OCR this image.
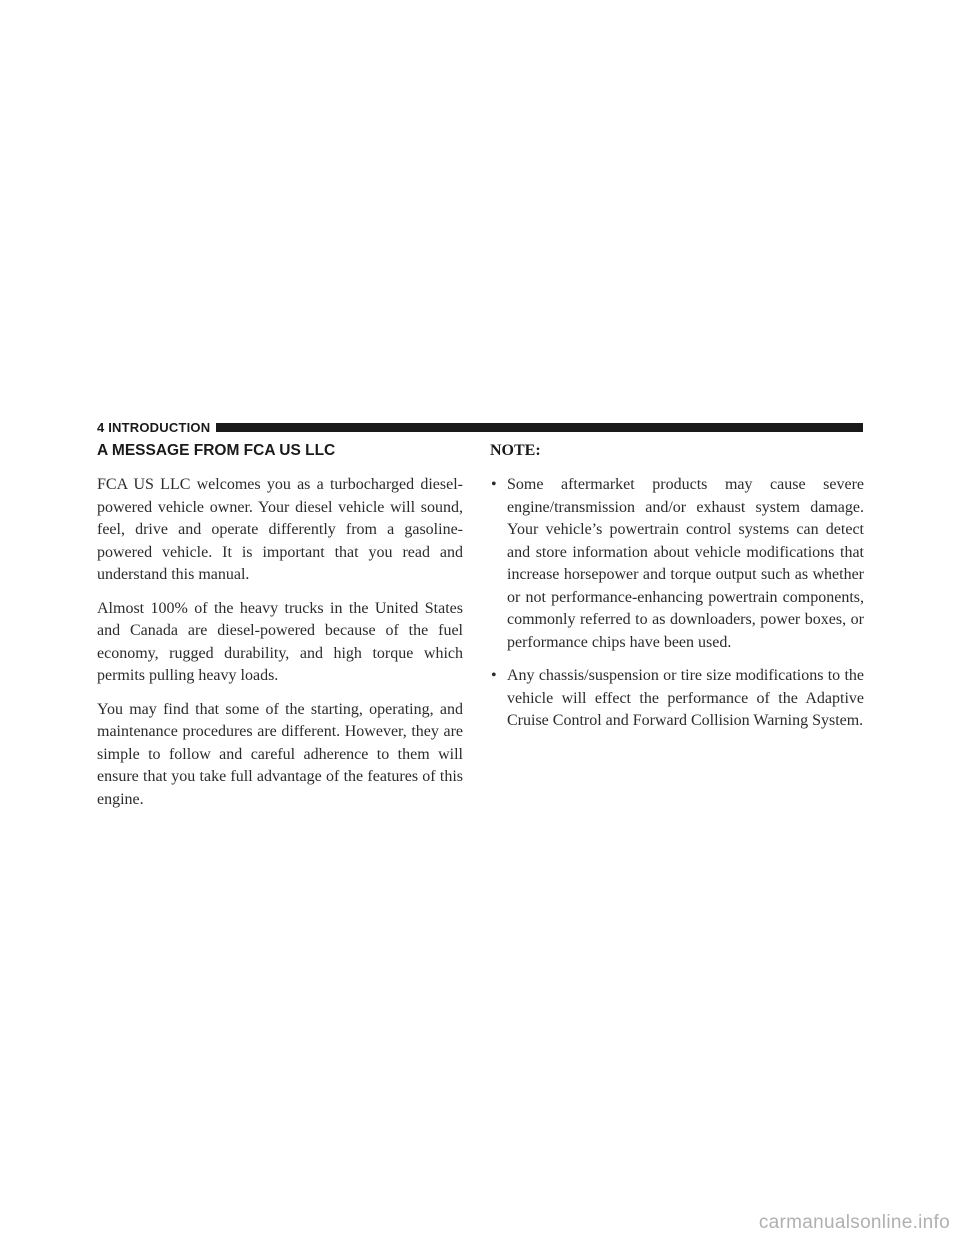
4 INTRODUCTION
A MESSAGE FROM FCA US LLC

FCA US LLC welcomes you as a turbocharged diesel-powered vehicle owner. Your diesel vehicle will sound, feel, drive and operate differently from a gasoline-powered vehicle. It is important that you read and understand this manual.

Almost 100% of the heavy trucks in the United States and Canada are diesel-powered because of the fuel economy, rugged durability, and high torque which permits pulling heavy loads.

You may find that some of the starting, operating, and maintenance procedures are different. However, they are simple to follow and careful adherence to them will ensure that you take full advantage of the features of this engine.

NOTE:
• Some aftermarket products may cause severe engine/transmission and/or exhaust system damage. Your vehicle’s powertrain control systems can detect and store information about vehicle modifications that increase horsepower and torque output such as whether or not performance-enhancing powertrain components, commonly referred to as downloaders, power boxes, or performance chips have been used.
• Any chassis/suspension or tire size modifications to the vehicle will effect the performance of the Adaptive Cruise Control and Forward Collision Warning System.
carmanualsonline.info
